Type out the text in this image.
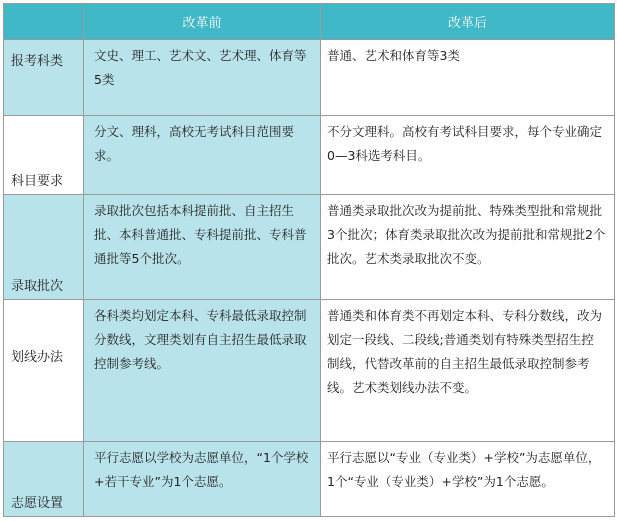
	改革前	改革后
报考科类	文史、理工、艺术文、艺术理、体育等5类	普通、艺术和体育等3类
科目要求	分文、理科，高校无考试科目范围要求。	不分文理科。高校有考试科目要求，每个专业确定0—3科选考科目。
录取批次	录取批次包括本科提前批、自主招生批、本科普通批、专科提前批、专科普通批等5个批次。	普通类录取批次改为提前批、特殊类型批和常规批3个批次；体育类录取批次改为提前批和常规批2个批次。艺术类录取批次不变。
划线办法	各科类均划定本科、专科最低录取控制分数线，文理类划有自主招生最低录取控制参考线。	普通类和体育类不再划定本科、专科分数线，改为划定一段线、二段线;普通类划有特殊类型招生控制线，代替改革前的自主招生最低录取控制参考线。艺术类划线办法不变。
志愿设置	平行志愿以学校为志愿单位，“1个学校+若干专业”为1个志愿。	平行志愿以“专业（专业类）+学校”为志愿单位，1个“专业（专业类）+学校”为1个志愿。
